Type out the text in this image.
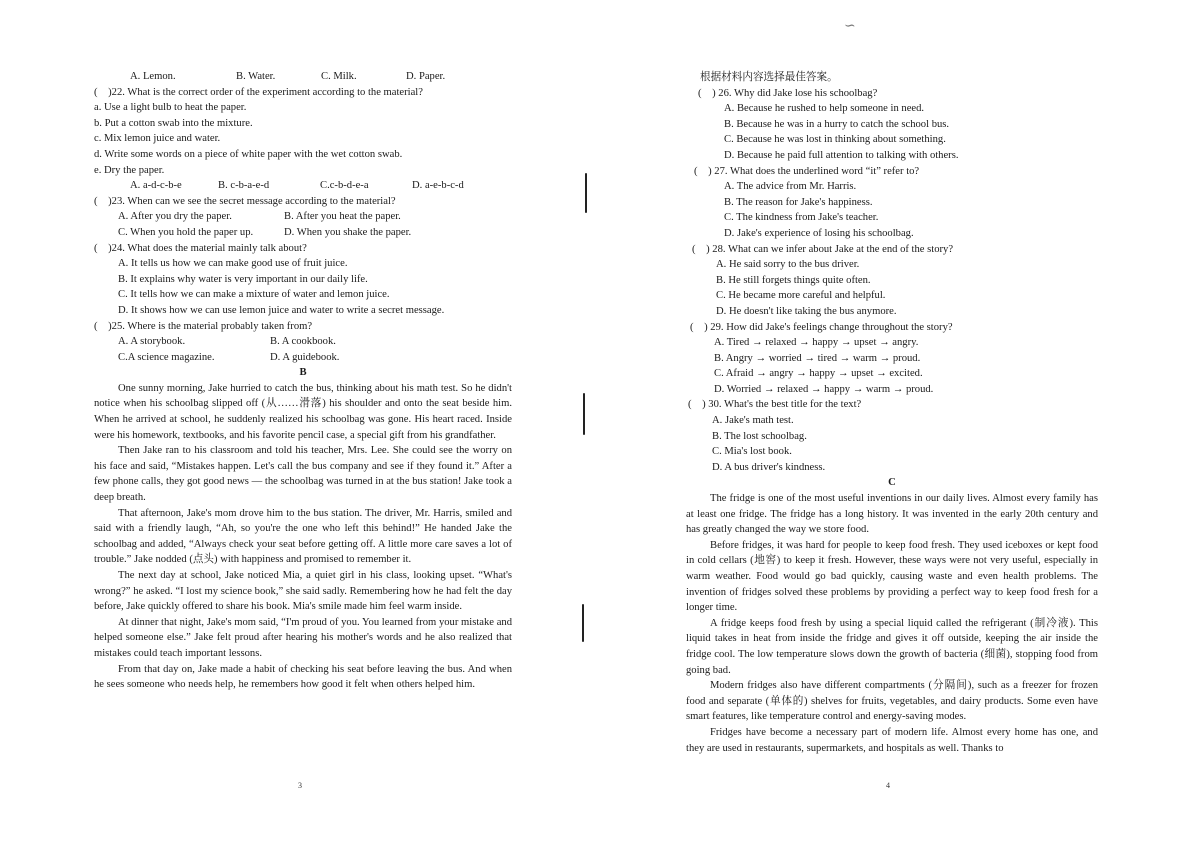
A. Lemon.	B. Water.	C. Milk.	D. Paper.
(　)22. What is the correct order of the experiment according to the material?
a. Use a light bulb to heat the paper.
b. Put a cotton swab into the mixture.
c. Mix lemon juice and water.
d. Write some words on a piece of white paper with the wet cotton swab.
e. Dry the paper.
A. a-d-c-b-e	B. c-b-a-e-d	C.c-b-d-e-a	D. a-e-b-c-d
(　)23. When can we see the secret message according to the material?
A. After you dry the paper.	B. After you heat the paper.
C. When you hold the paper up.	D. When you shake the paper.
(　)24. What does the material mainly talk about?
A. It tells us how we can make good use of fruit juice.
B. It explains why water is very important in our daily life.
C. It tells how we can make a mixture of water and lemon juice.
D. It shows how we can use lemon juice and water to write a secret message.
(　)25. Where is the material probably taken from?
A. A storybook.	B. A cookbook.
C.A science magazine.	D. A guidebook.
B
One sunny morning, Jake hurried to catch the bus, thinking about his math test. So he didn't notice when his schoolbag slipped off (从……滑落) his shoulder and onto the seat beside him. When he arrived at school, he suddenly realized his schoolbag was gone. His heart raced. Inside were his homework, textbooks, and his favorite pencil case, a special gift from his grandfather.
Then Jake ran to his classroom and told his teacher, Mrs. Lee. She could see the worry on his face and said, “Mistakes happen. Let's call the bus company and see if they found it.” After a few phone calls, they got good news — the schoolbag was turned in at the bus station! Jake took a deep breath.
That afternoon, Jake's mom drove him to the bus station. The driver, Mr. Harris, smiled and said with a friendly laugh, “Ah, so you're the one who left this behind!” He handed Jake the schoolbag and added, “Always check your seat before getting off. A little more care saves a lot of trouble.” Jake nodded (点头) with happiness and promised to remember it.
The next day at school, Jake noticed Mia, a quiet girl in his class, looking upset. “What's wrong?” he asked. “I lost my science book,” she said sadly. Remembering how he had felt the day before, Jake quickly offered to share his book. Mia's smile made him feel warm inside.
At dinner that night, Jake's mom said, “I'm proud of you. You learned from your mistake and helped someone else.” Jake felt proud after hearing his mother's words and he also realized that mistakes could teach important lessons.
From that day on, Jake made a habit of checking his seat before leaving the bus. And when he sees someone who needs help, he remembers how good it felt when others helped him.
3
∽
根据材料内容选择最佳答案。
(　) 26. Why did Jake lose his schoolbag?
A. Because he rushed to help someone in need.
B. Because he was in a hurry to catch the school bus.
C. Because he was lost in thinking about something.
D. Because he paid full attention to talking with others.
(　) 27. What does the underlined word “it” refer to?
A. The advice from Mr. Harris.
B. The reason for Jake's happiness.
C. The kindness from Jake's teacher.
D. Jake's experience of losing his schoolbag.
(　) 28. What can we infer about Jake at the end of the story?
A. He said sorry to the bus driver.
B. He still forgets things quite often.
C. He became more careful and helpful.
D. He doesn't like taking the bus anymore.
(　) 29. How did Jake's feelings change throughout the story?
A. Tired → relaxed → happy → upset → angry.
B. Angry → worried → tired → warm → proud.
C. Afraid → angry → happy → upset → excited.
D. Worried → relaxed → happy → warm → proud.
(　) 30. What's the best title for the text?
A. Jake's math test.
B. The lost schoolbag.
C. Mia's lost book.
D. A bus driver's kindness.
C
The fridge is one of the most useful inventions in our daily lives. Almost every family has at least one fridge. The fridge has a long history. It was invented in the early 20th century and has greatly changed the way we store food.
Before fridges, it was hard for people to keep food fresh. They used iceboxes or kept food in cold cellars (地窖) to keep it fresh. However, these ways were not very useful, especially in warm weather. Food would go bad quickly, causing waste and even health problems. The invention of fridges solved these problems by providing a perfect way to keep food fresh for a longer time.
A fridge keeps food fresh by using a special liquid called the refrigerant (制冷液). This liquid takes in heat from inside the fridge and gives it off outside, keeping the air inside the fridge cool. The low temperature slows down the growth of bacteria (细菌), stopping food from going bad.
Modern fridges also have different compartments (分隔间), such as a freezer for frozen food and separate (单体的) shelves for fruits, vegetables, and dairy products. Some even have smart features, like temperature control and energy-saving modes.
Fridges have become a necessary part of modern life. Almost every home has one, and they are used in restaurants, supermarkets, and hospitals as well. Thanks to
4
